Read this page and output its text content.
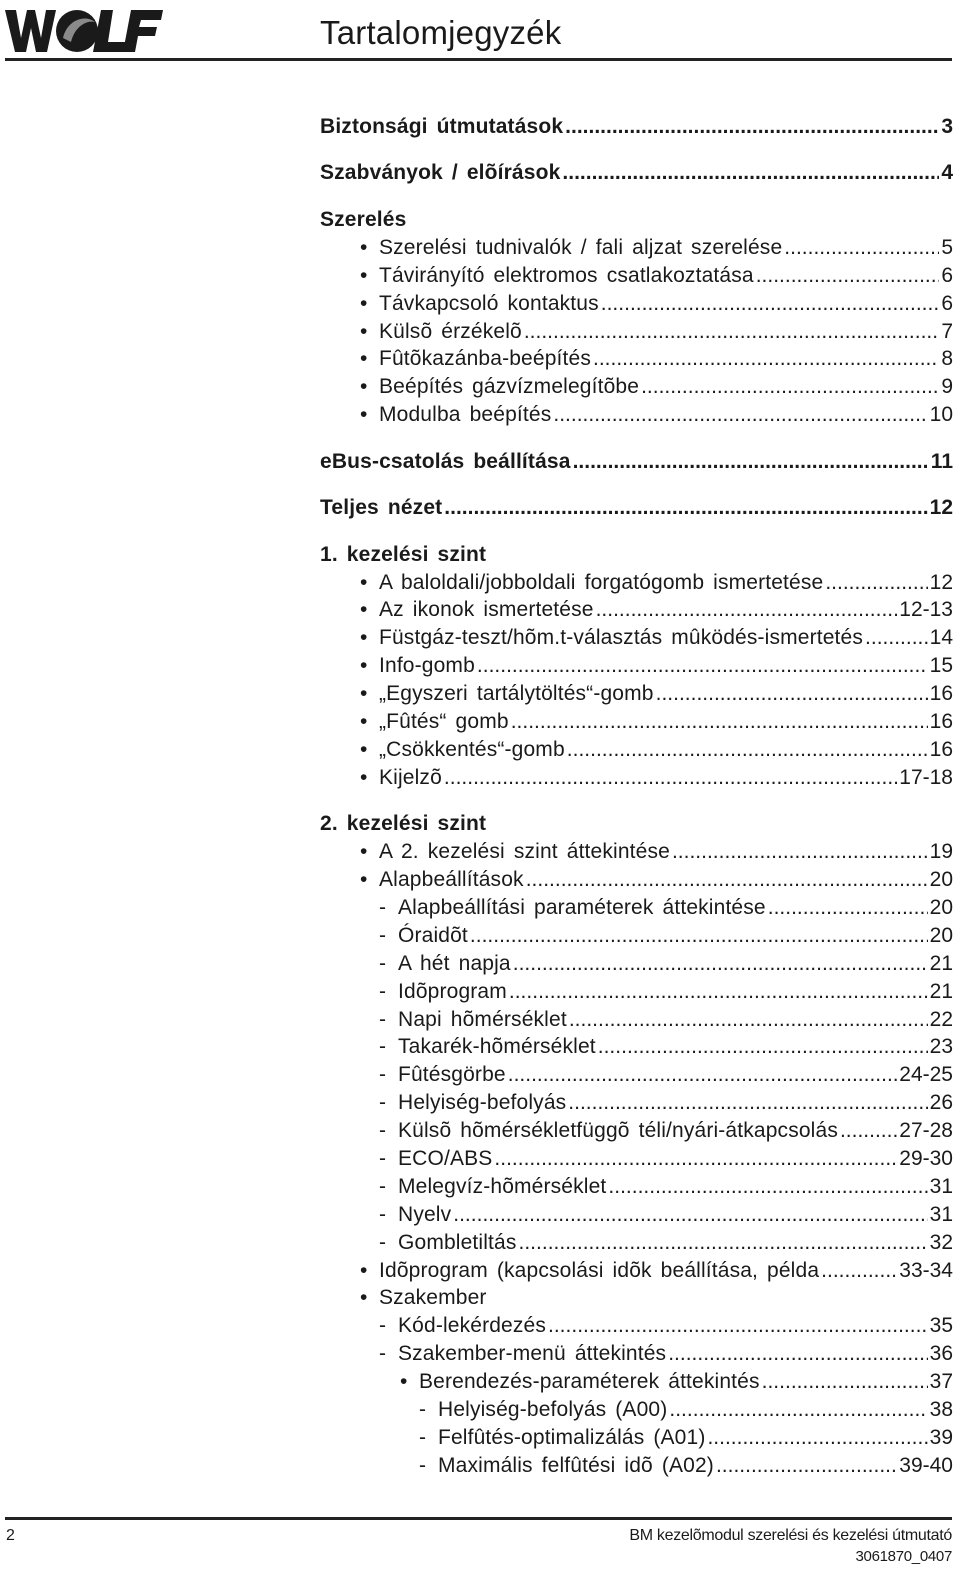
Tartalomjegyzék
Biztonsági útmutatások .....	3
Szabványok / elõírások .....	4
Szerelés
• Szerelési tudnivalók / fali aljzat szerelése .....	5
• Távirányító elektromos csatlakoztatása .....	6
• Távkapcsoló kontaktus .....	6
• Külsõ érzékelõ .....	7
• Fûtõkazánba-beépítés .....	8
• Beépítés gázvízmelegítõbe .....	9
• Modulba beépítés .....	10
eBus-csatolás beállítása .....	11
Teljes nézet .....	12
1. kezelési szint
• A baloldali/jobboldali forgatógomb ismertetése .....	12
• Az ikonok ismertetése .....	12-13
• Füstgáz-teszt/hõm.t-választás mûködés-ismertetés .....	14
• Info-gomb .....	15
• „Egyszeri tartálytöltés“-gomb .....	16
• „Fûtés“ gomb .....	16
• „Csökkentés“-gomb .....	16
• Kijelzõ .....	17-18
2. kezelési szint
• A 2. kezelési szint áttekintése .....	19
• Alapbeállítások .....	20
- Alapbeállítási paraméterek áttekintése .....	20
- Óraidõt .....	20
- A hét napja .....	21
- Idõprogram .....	21
- Napi hõmérséklet .....	22
- Takarék-hõmérséklet .....	23
- Fûtésgörbe .....	24-25
- Helyiség-befolyás .....	26
- Külsõ hõmérsékletfüggõ téli/nyári-átkapcsolás .....	27-28
- ECO/ABS .....	29-30
- Melegvíz-hõmérséklet .....	31
- Nyelv .....	31
- Gombletiltás .....	32
• Idõprogram (kapcsolási idõk beállítása, példa .....	33-34
• Szakember
- Kód-lekérdezés .....	35
- Szakember-menü áttekintés .....	36
• Berendezés-paraméterek áttekintés .....	37
- Helyiség-befolyás (A00) .....	38
- Felfûtés-optimalizálás (A01) .....	39
- Maximális felfûtési idõ (A02) .....	39-40
2	BM kezelõmodul szerelési és kezelési útmutató
3061870_0407
